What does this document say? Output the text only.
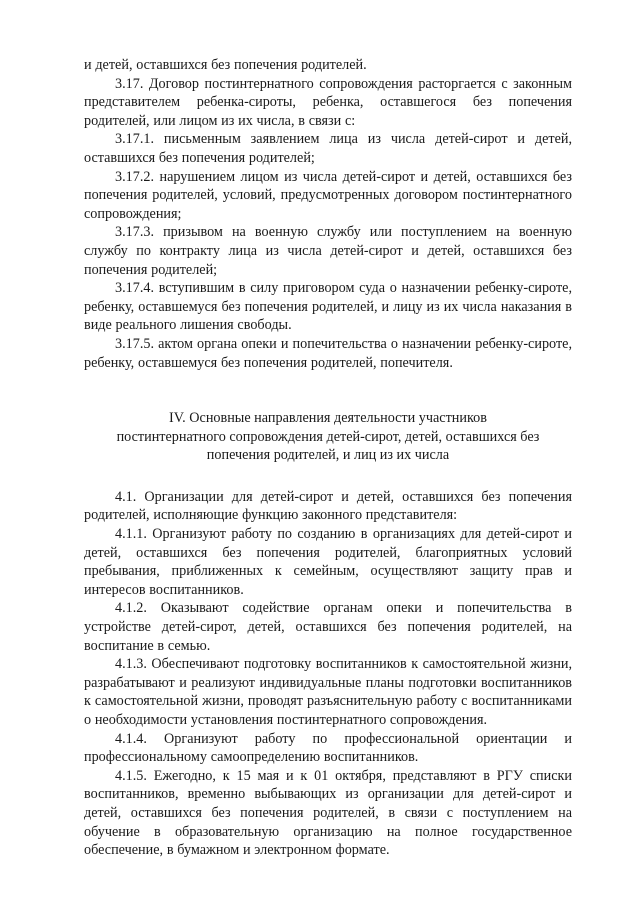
и детей, оставшихся без попечения родителей.

3.17. Договор постинтернатного сопровождения расторгается с законным представителем ребенка-сироты, ребенка, оставшегося без попечения родителей, или лицом из их числа, в связи с:

3.17.1. письменным заявлением лица из числа детей-сирот и детей, оставшихся без попечения родителей;

3.17.2. нарушением лицом из числа детей-сирот и детей, оставшихся без попечения родителей, условий, предусмотренных договором постинтернатного сопровождения;

3.17.3. призывом на военную службу или поступлением на военную службу по контракту лица из числа детей-сирот и детей, оставшихся без попечения родителей;

3.17.4. вступившим в силу приговором суда о назначении ребенку-сироте, ребенку, оставшемуся без попечения родителей, и лицу из их числа наказания в виде реального лишения свободы.

3.17.5. актом органа опеки и попечительства о назначении ребенку-сироте, ребенку, оставшемуся без попечения родителей, попечителя.

IV. Основные направления деятельности участников

постинтернатного сопровождения детей-сирот, детей, оставшихся без

попечения родителей, и лиц из их числа

4.1. Организации для детей-сирот и детей, оставшихся без попечения родителей, исполняющие функцию законного представителя:

4.1.1. Организуют работу по созданию в организациях для детей-сирот и детей, оставшихся без попечения родителей, благоприятных условий пребывания, приближенных к семейным, осуществляют защиту прав и интересов воспитанников.

4.1.2. Оказывают содействие органам опеки и попечительства в устройстве детей-сирот, детей, оставшихся без попечения родителей, на воспитание в семью.

4.1.3. Обеспечивают подготовку воспитанников к самостоятельной жизни, разрабатывают и реализуют индивидуальные планы подготовки воспитанников к самостоятельной жизни, проводят разъяснительную работу с воспитанниками о необходимости установления постинтернатного сопровождения.

4.1.4. Организуют работу по профессиональной ориентации и профессиональному самоопределению воспитанников.

4.1.5. Ежегодно, к 15 мая и к 01 октября, представляют в РГУ списки воспитанников, временно выбывающих из организации для детей-сирот и детей, оставшихся без попечения родителей, в связи с поступлением на обучение в образовательную организацию на полное государственное обеспечение, в бумажном и электронном формате.
